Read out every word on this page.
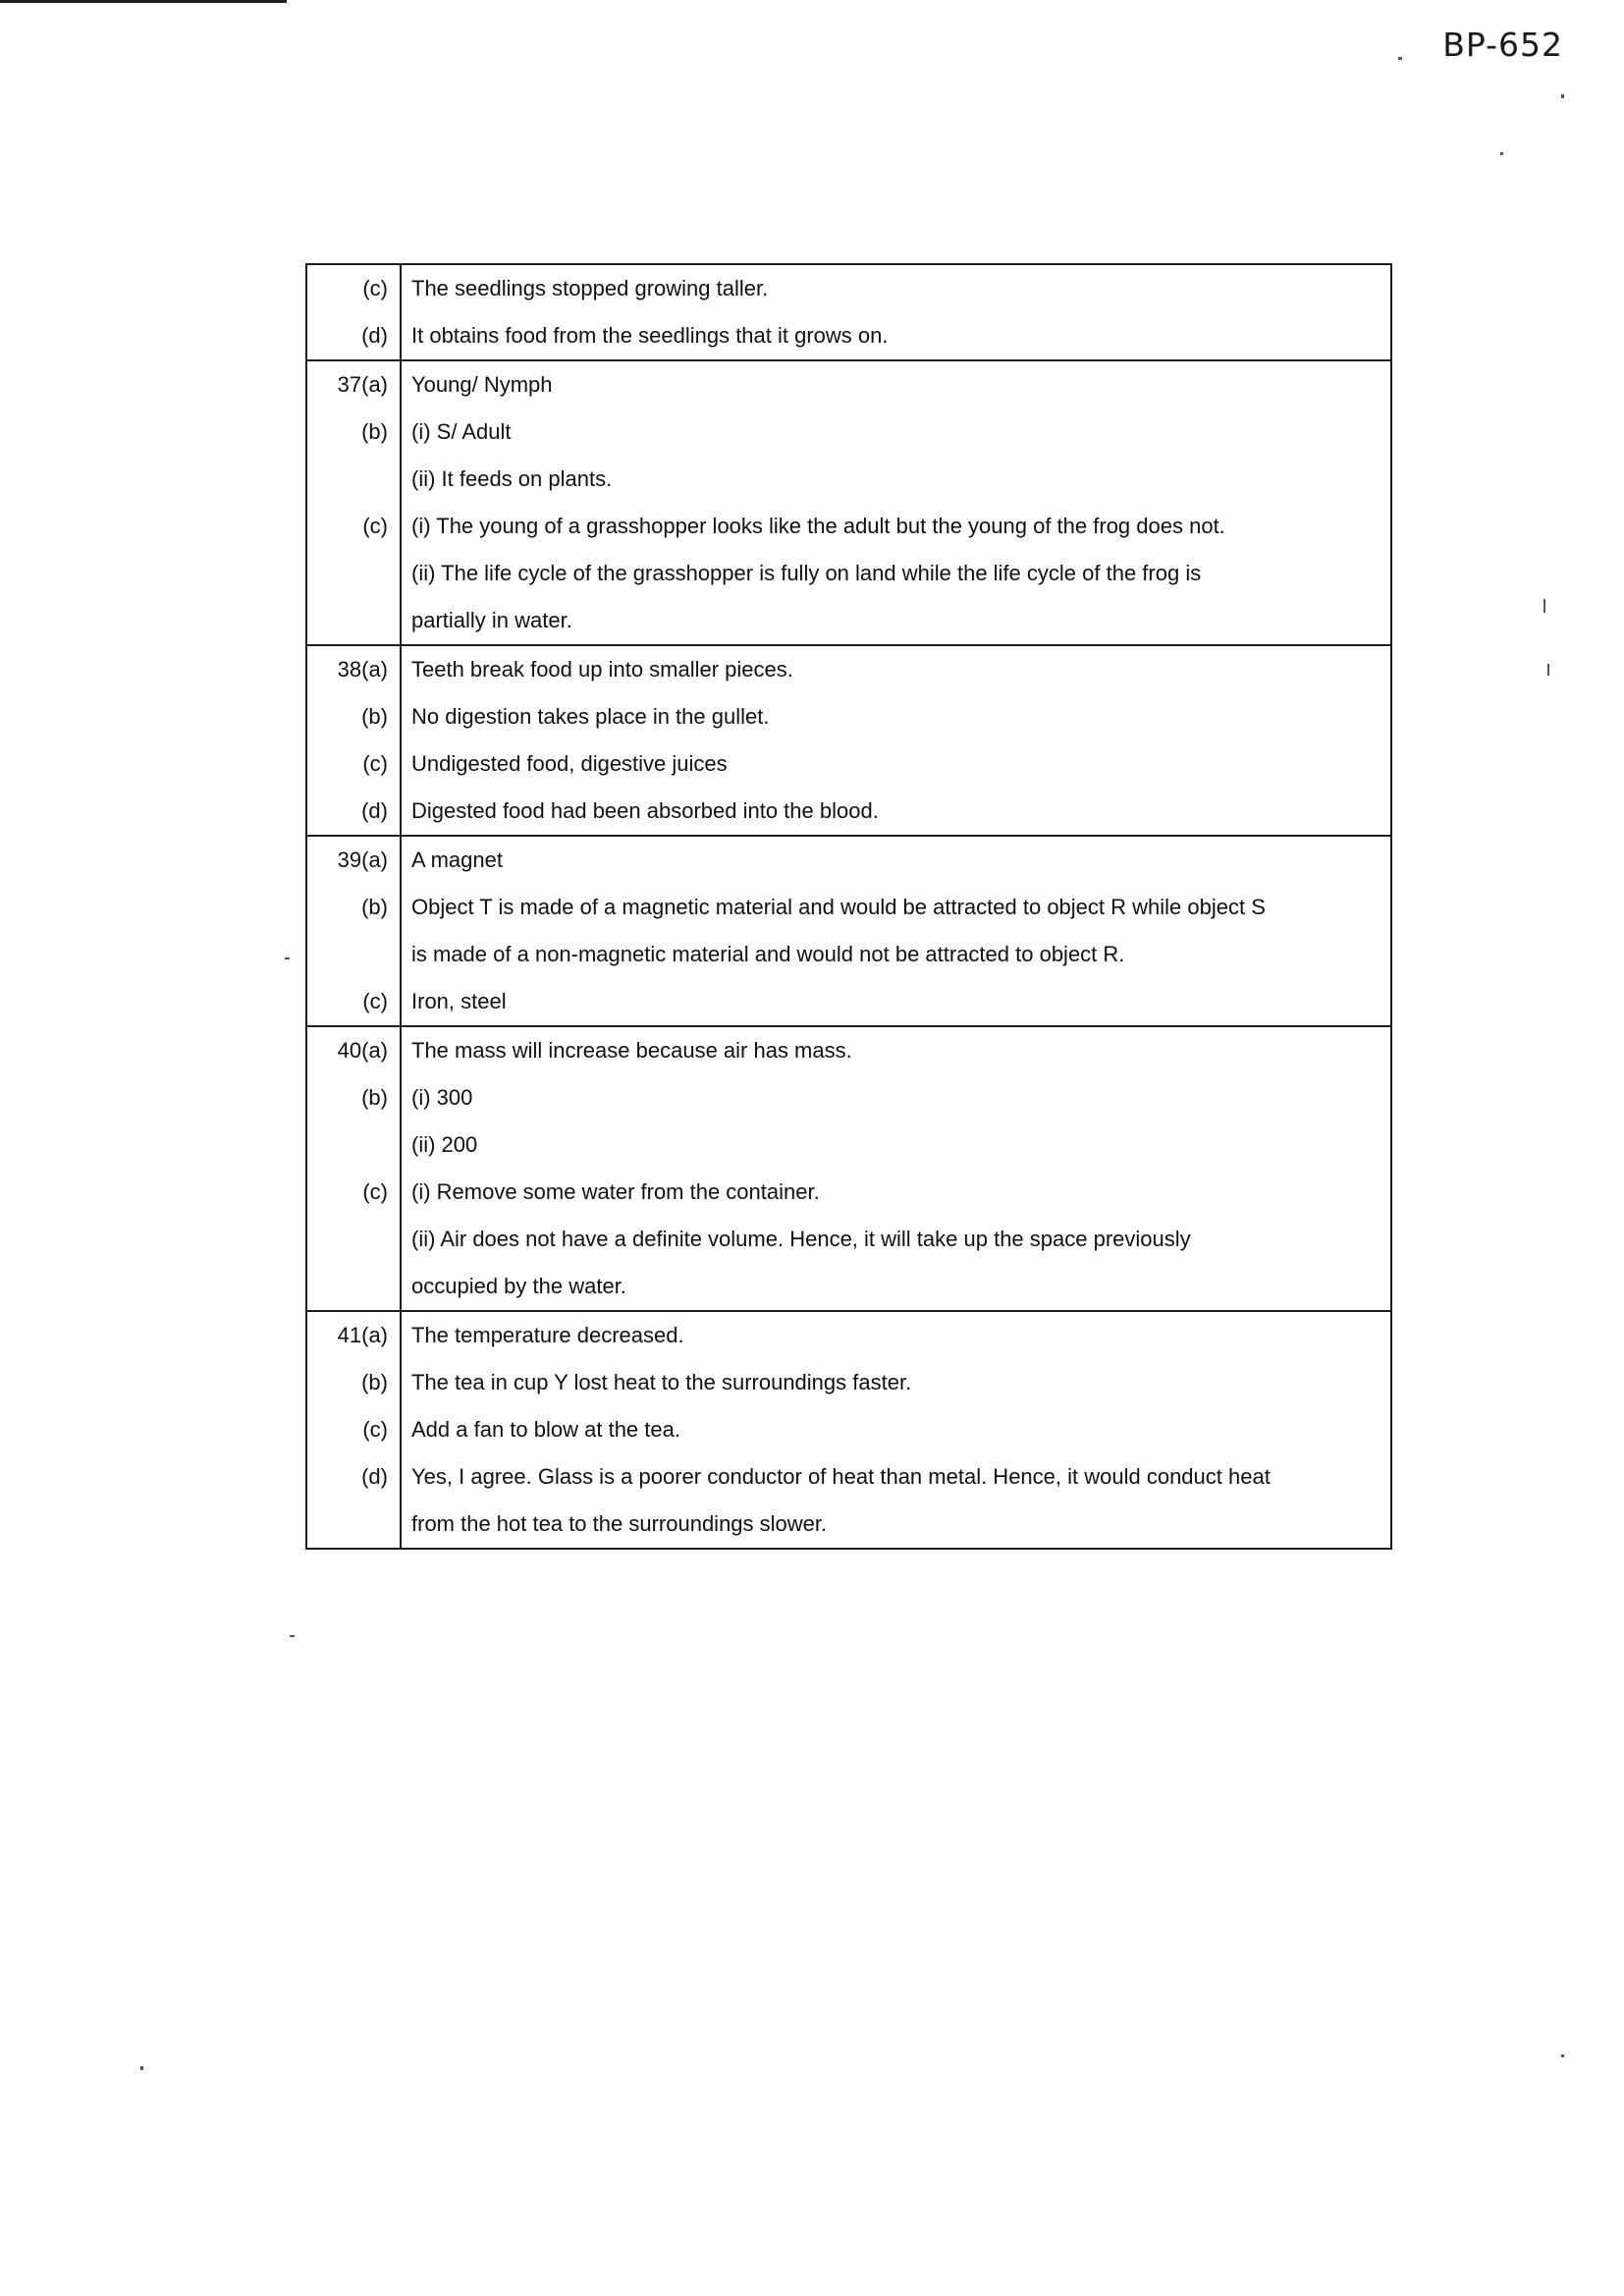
BP-652
(c)	The seedlings stopped growing taller.
(d)	It obtains food from the seedlings that it grows on.
37(a)	Young/ Nymph
(b)	(i) S/ Adult
	(ii) It feeds on plants.
(c)	(i) The young of a grasshopper looks like the adult but the young of the frog does not.
	(ii) The life cycle of the grasshopper is fully on land while the life cycle of the frog is
	partially in water.
38(a)	Teeth break food up into smaller pieces.
(b)	No digestion takes place in the gullet.
(c)	Undigested food, digestive juices
(d)	Digested food had been absorbed into the blood.
39(a)	A magnet
(b)	Object T is made of a magnetic material and would be attracted to object R while object S
	is made of a non-magnetic material and would not be attracted to object R.
(c)	Iron, steel
40(a)	The mass will increase because air has mass.
(b)	(i) 300
	(ii) 200
(c)	(i) Remove some water from the container.
	(ii) Air does not have a definite volume. Hence, it will take up the space previously
	occupied by the water.
41(a)	The temperature decreased.
(b)	The tea in cup Y lost heat to the surroundings faster.
(c)	Add a fan to blow at the tea.
(d)	Yes, I agree. Glass is a poorer conductor of heat than metal. Hence, it would conduct heat
	from the hot tea to the surroundings slower.
